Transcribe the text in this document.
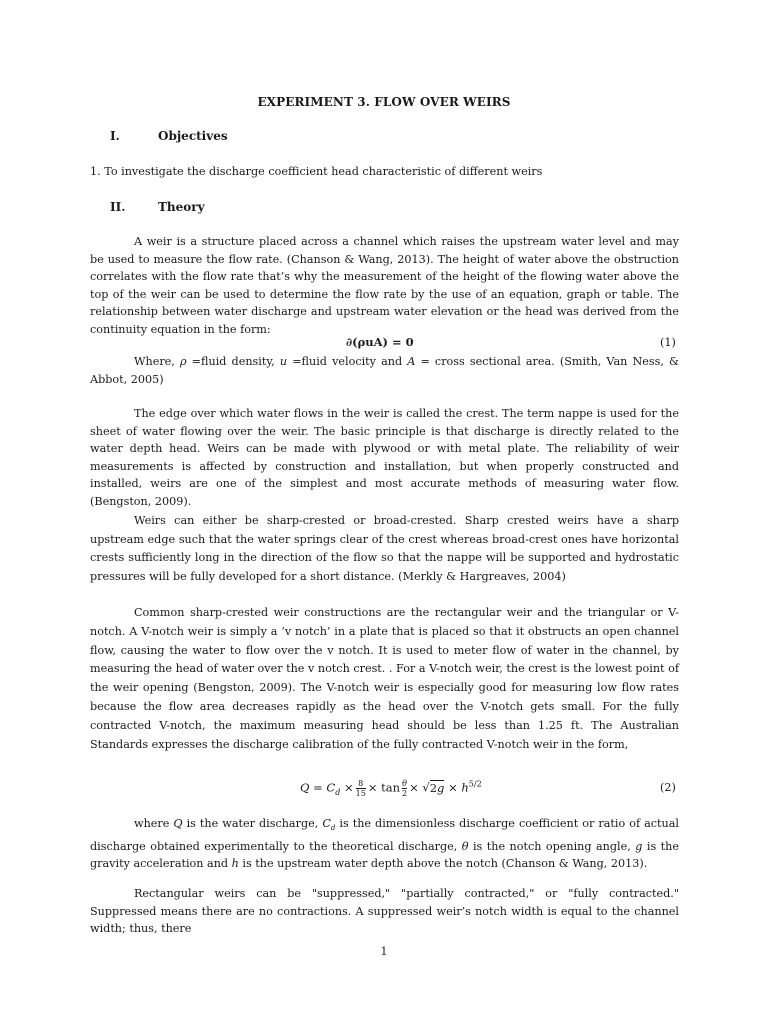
EXPERIMENT 3. FLOW OVER WEIRS
I.	Objectives
1. To investigate the discharge coefficient head characteristic of different weirs
II.	Theory
A weir is a structure placed across a channel which raises the upstream water level and may be used to measure the flow rate. (Chanson & Wang, 2013). The height of water above the obstruction correlates with the flow rate that’s why the measurement of the height of the flowing water above the top of the weir can be used to determine the flow rate by the use of an equation, graph or table. The relationship between water discharge and upstream water elevation or the head was derived from the continuity equation in the form:
∂(ρuA) = 0	(1)
Where, ρ =fluid density, u =fluid velocity and A = cross sectional area. (Smith, Van Ness, & Abbot, 2005)
The edge over which water flows in the weir is called the crest. The term nappe is used for the sheet of water flowing over the weir. The basic principle is that discharge is directly related to the water depth head. Weirs can be made with plywood or with metal plate. The reliability of weir measurements is affected by construction and installation, but when properly constructed and installed, weirs are one of the simplest and most accurate methods of measuring water flow. (Bengston, 2009).
Weirs can either be sharp-crested or broad-crested. Sharp crested weirs have a sharp upstream edge such that the water springs clear of the crest whereas broad-crest ones have horizontal crests sufficiently long in the direction of the flow so that the nappe will be supported and hydrostatic pressures will be fully developed for a short distance. (Merkly & Hargreaves, 2004)
Common sharp-crested weir constructions are the rectangular weir and the triangular or V-notch. A V-notch weir is simply a ‘v notch’ in a plate that is placed so that it obstructs an open channel flow, causing the water to flow over the v notch. It is used to meter flow of water in the channel, by measuring the head of water over the v notch crest. . For a V-notch weir, the crest is the lowest point of the weir opening (Bengston, 2009). The V-notch weir is especially good for measuring low flow rates because the flow area decreases rapidly as the head over the V-notch gets small. For the fully contracted V-notch, the maximum measuring head should be less than 1.25 ft. The Australian Standards expresses the discharge calibration of the fully contracted V-notch weir in the form,
$Q = C_d \times \frac{8}{15} \times \tan \frac{\theta}{2} \times √2g \times h^{5/2}$	(2)
where Q is the water discharge, $C_d$ is the dimensionless discharge coefficient or ratio of actual discharge obtained experimentally to the theoretical discharge, θ is the notch opening angle, g is the gravity acceleration and h is the upstream water depth above the notch (Chanson & Wang, 2013).
Rectangular weirs can be "suppressed," "partially contracted," or "fully contracted." Suppressed means there are no contractions. A suppressed weir’s notch width is equal to the channel width; thus, there
1
